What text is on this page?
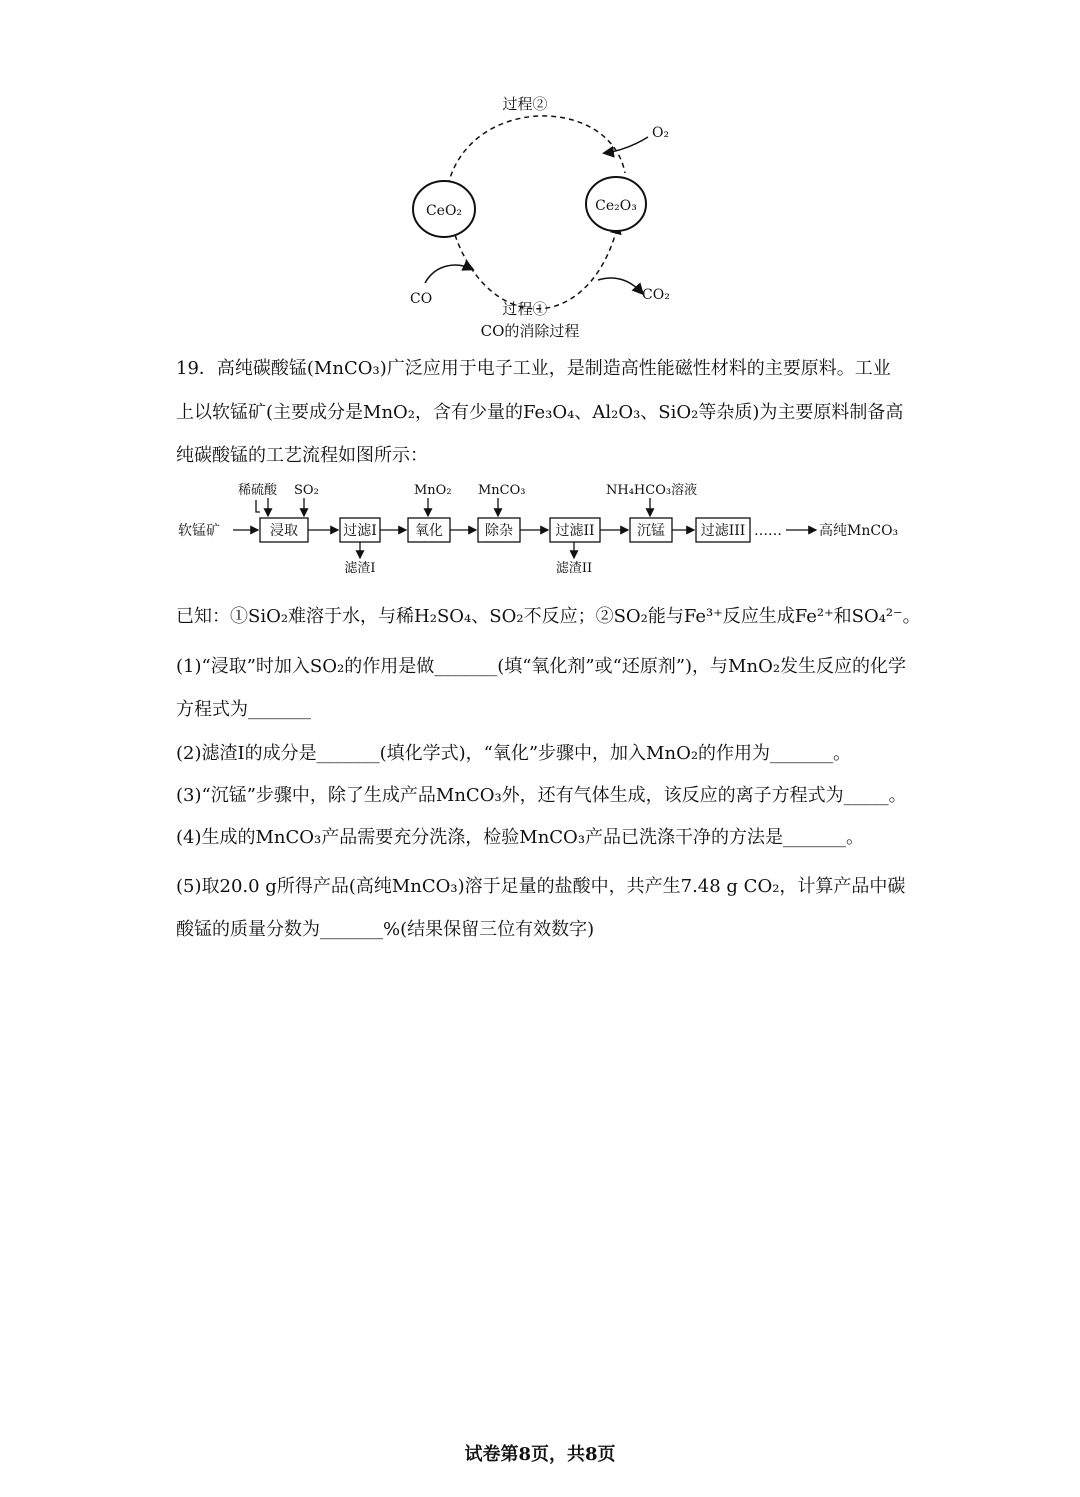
CeO₂	Ce₂O₃
O₂
CO	CO₂
过程②
过程①
CO的消除过程
19．高纯碳酸锰(MnCO₃)广泛应用于电子工业，是制造高性能磁性材料的主要原料。工业
上以软锰矿(主要成分是MnO₂，含有少量的Fe₃O₄、Al₂O₃、SiO₂等杂质)为主要原料制备高
纯碳酸锰的工艺流程如图所示：
软锰矿	浸取	过滤I	氧化	除杂	过滤II	沉锰	过滤III ……	高纯MnCO₃
稀硫酸 SO₂	MnO₂ MnCO₃	NH₄HCO₃溶液
滤渣I	滤渣II
已知：①SiO₂难溶于水，与稀H₂SO₄、SO₂不反应；②SO₂能与Fe³⁺反应生成Fe²⁺和SO₄²⁻。
(1)“浸取”时加入SO₂的作用是做_______(填“氧化剂”或“还原剂”)，与MnO₂发生反应的化学
方程式为_______
(2)滤渣I的成分是_______(填化学式)，“氧化”步骤中，加入MnO₂的作用为_______。
(3)“沉锰”步骤中，除了生成产品MnCO₃外，还有气体生成，该反应的离子方程式为_____。
(4)生成的MnCO₃产品需要充分洗涤，检验MnCO₃产品已洗涤干净的方法是_______。
(5)取20.0 g所得产品(高纯MnCO₃)溶于足量的盐酸中，共产生7.48 g CO₂，计算产品中碳
酸锰的质量分数为_______%(结果保留三位有效数字)
试卷第8页，共8页
